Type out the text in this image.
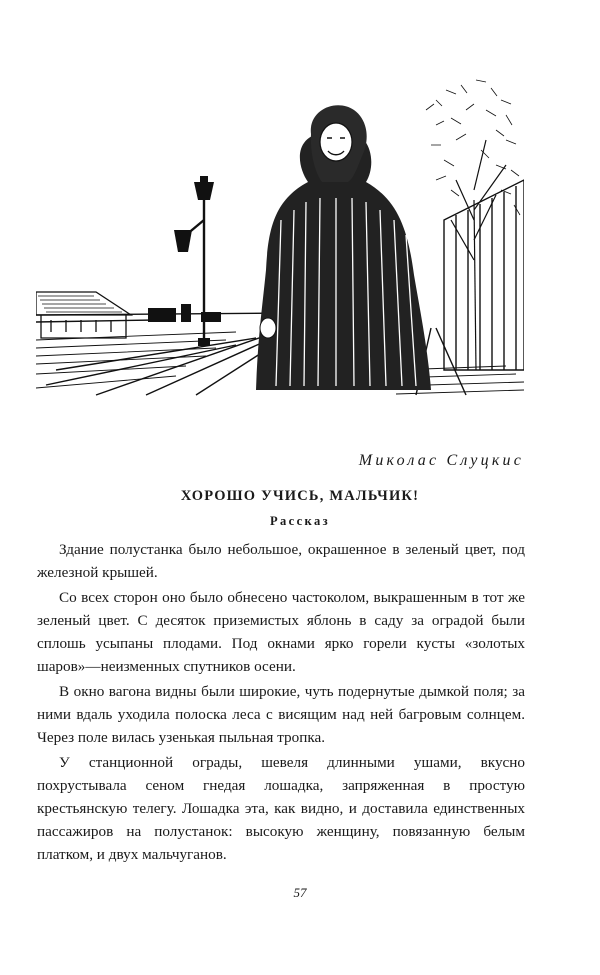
Миколас Слуцкис
ХОРОШО УЧИСЬ, МАЛЬЧИК!
Рассказ

Здание полустанка было небольшое, окрашенное в зеленый цвет, под железной крышей.

Со всех сторон оно было обнесено частоколом, выкрашенным в тот же зеленый цвет. С десяток приземистых яблонь в саду за оградой были сплошь усыпаны плодами. Под окнами ярко горели кусты «золотых шаров»—неизменных спутников осени.

В окно вагона видны были широкие, чуть подернутые дымкой поля; за ними вдаль уходила полоска леса с висящим над ней багровым солнцем. Через поле вилась узенькая пыльная тропка.

У станционной ограды, шевеля длинными ушами, вкусно похрустывала сеном гнедая лошадка, запряженная в простую крестьянскую телегу. Лошадка эта, как видно, и доставила единственных пассажиров на полустанок: высокую женщину, повязанную белым платком, и двух мальчуганов.

57
